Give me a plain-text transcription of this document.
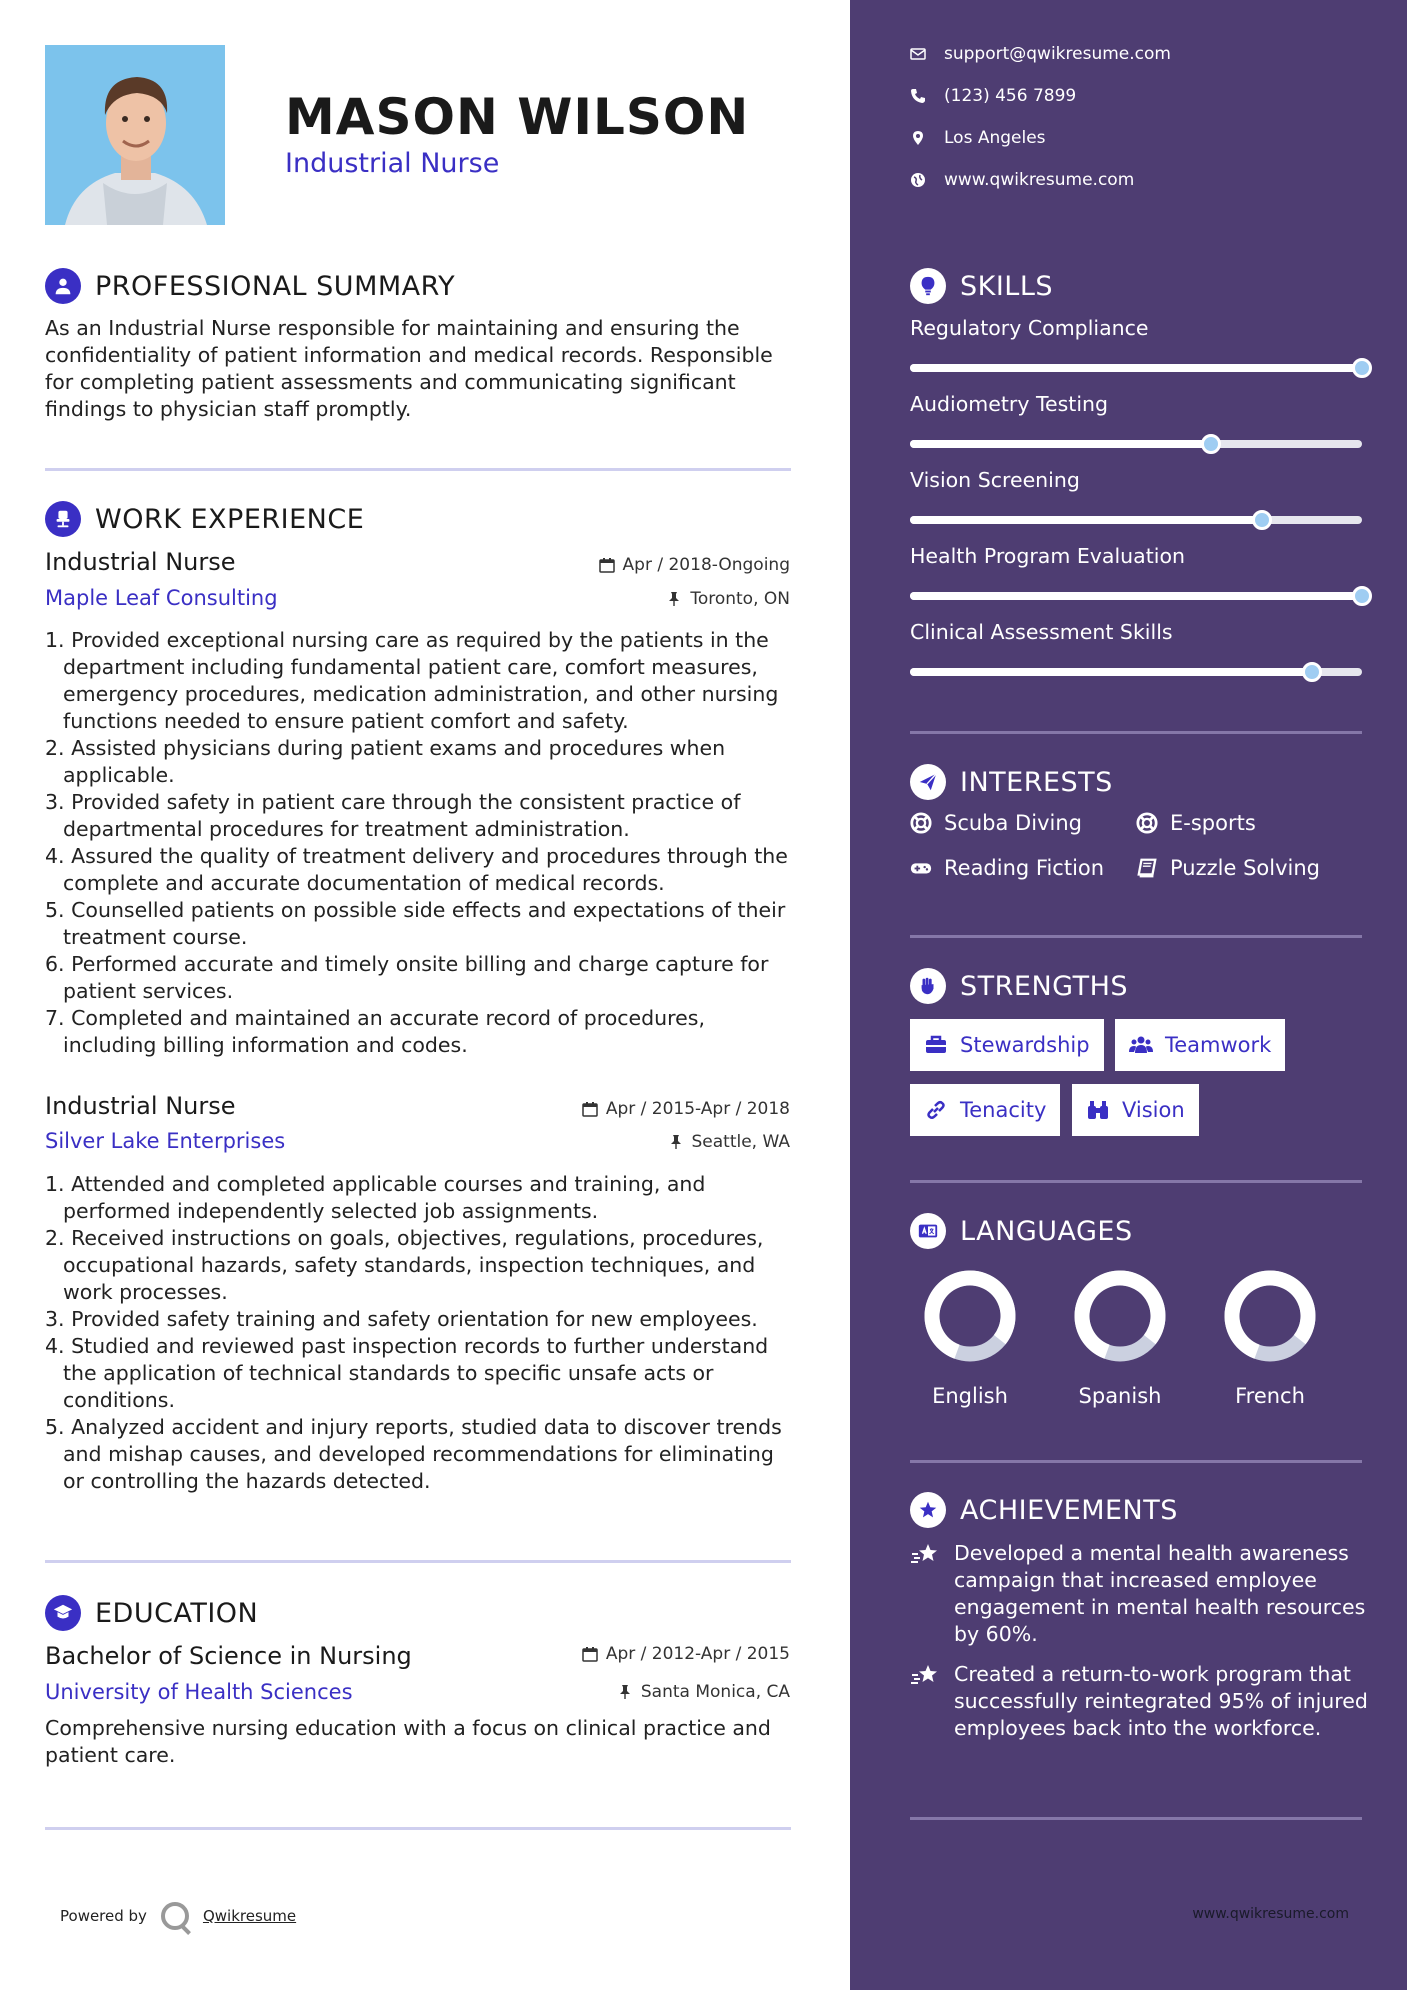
MASON WILSON
Industrial Nurse
PROFESSIONAL SUMMARY
As an Industrial Nurse responsible for maintaining and ensuring the confidentiality of patient information and medical records. Responsible for completing patient assessments and communicating significant findings to physician staff promptly.
WORK EXPERIENCE
Industrial Nurse	Apr / 2018-Ongoing
Maple Leaf Consulting	Toronto, ON
Provided exceptional nursing care as required by the patients in the department including fundamental patient care, comfort measures, emergency procedures, medication administration, and other nursing functions needed to ensure patient comfort and safety.
Assisted physicians during patient exams and procedures when applicable.
Provided safety in patient care through the consistent practice of departmental procedures for treatment administration.
Assured the quality of treatment delivery and procedures through the complete and accurate documentation of medical records.
Counselled patients on possible side effects and expectations of their treatment course.
Performed accurate and timely onsite billing and charge capture for patient services.
Completed and maintained an accurate record of procedures, including billing information and codes.
Industrial Nurse	Apr / 2015-Apr / 2018
Silver Lake Enterprises	Seattle, WA
Attended and completed applicable courses and training, and performed independently selected job assignments.
Received instructions on goals, objectives, regulations, procedures, occupational hazards, safety standards, inspection techniques, and work processes.
Provided safety training and safety orientation for new employees.
Studied and reviewed past inspection records to further understand the application of technical standards to specific unsafe acts or conditions.
Analyzed accident and injury reports, studied data to discover trends and mishap causes, and developed recommendations for eliminating or controlling the hazards detected.
EDUCATION
Bachelor of Science in Nursing	Apr / 2012-Apr / 2015
University of Health Sciences	Santa Monica, CA
Comprehensive nursing education with a focus on clinical practice and patient care.
Powered by	Qwikresume
support@qwikresume.com
(123) 456 7899
Los Angeles
www.qwikresume.com
SKILLS
Regulatory Compliance
Audiometry Testing
Vision Screening
Health Program Evaluation
Clinical Assessment Skills
INTERESTS
Scuba Diving	E-sports
Reading Fiction	Puzzle Solving
STRENGTHS
Stewardship	Teamwork
Tenacity	Vision
LANGUAGES
English	Spanish	French
ACHIEVEMENTS
Developed a mental health awareness campaign that increased employee engagement in mental health resources by 60%.
Created a return-to-work program that successfully reintegrated 95% of injured employees back into the workforce.
www.qwikresume.com
